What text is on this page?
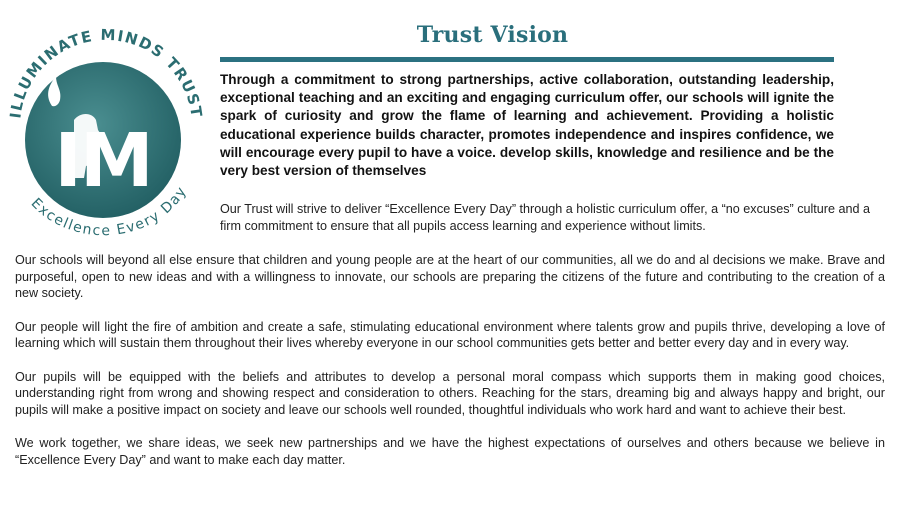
ILLUMINATE MINDS TRUST
Excellence Every Day
IM
Trust Vision

Through a commitment to strong partnerships, active collaboration, outstanding leadership, exceptional teaching and an exciting and engaging curriculum offer, our schools will ignite the spark of curiosity and grow the flame of learning and achievement. Providing a holistic educational experience builds character, promotes independence and inspires confidence, we will encourage every pupil to have a voice. develop skills, knowledge and resilience and be the very best version of themselves

Our Trust will strive to deliver “Excellence Every Day” through a holistic curriculum offer, a “no excuses” culture and a firm commitment to ensure that all pupils access learning and experience without limits.

Our schools will beyond all else ensure that children and young people are at the heart of our communities, all we do and al decisions we make. Brave and purposeful, open to new ideas and with a willingness to innovate, our schools are preparing the citizens of the future and contributing to the creation of a new society.

Our people will light the fire of ambition and create a safe, stimulating educational environment where talents grow and pupils thrive, developing a love of learning which will sustain them throughout their lives whereby everyone in our school communities gets better and better every day and in every way.

Our pupils will be equipped with the beliefs and attributes to develop a personal moral compass which supports them in making good choices, understanding right from wrong and showing respect and consideration to others. Reaching for the stars, dreaming big and always happy and bright, our pupils will make a positive impact on society and leave our schools well rounded, thoughtful individuals who work hard and want to achieve their best.

We work together, we share ideas, we seek new partnerships and we have the highest expectations of ourselves and others because we believe in “Excellence Every Day” and want to make each day matter.
